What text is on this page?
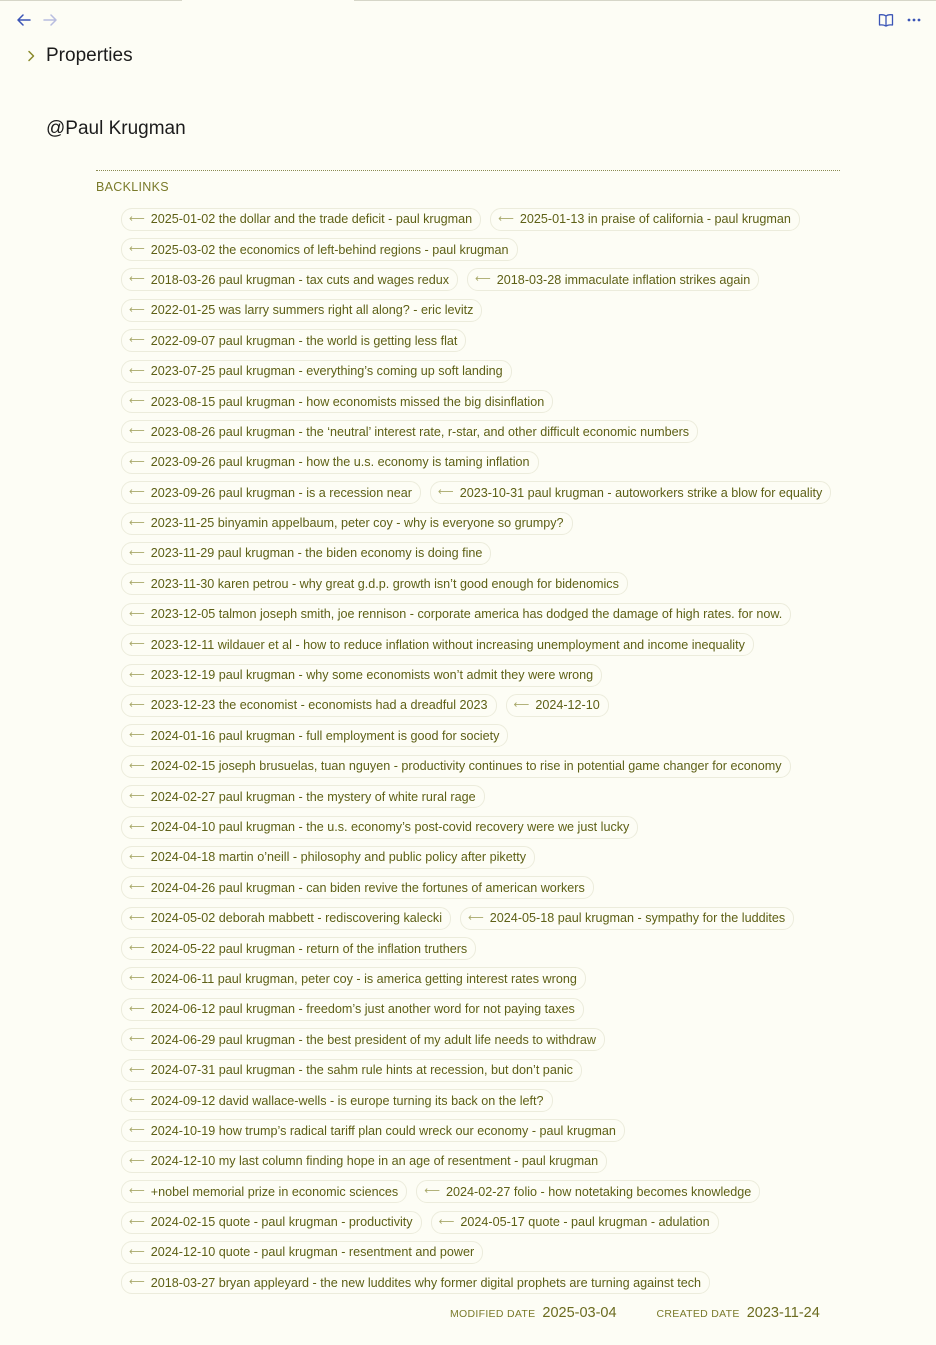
Properties
@Paul Krugman
BACKLINKS
⟵ 2025-01-02 the dollar and the trade deficit - paul krugman ⟵ 2025-01-13 in praise of california - paul krugman
⟵ 2025-03-02 the economics of left-behind regions - paul krugman
⟵ 2018-03-26 paul krugman - tax cuts and wages redux ⟵ 2018-03-28 immaculate inflation strikes again
⟵ 2022-01-25 was larry summers right all along? - eric levitz
⟵ 2022-09-07 paul krugman - the world is getting less flat
⟵ 2023-07-25 paul krugman - everything’s coming up soft landing
⟵ 2023-08-15 paul krugman - how economists missed the big disinflation
⟵ 2023-08-26 paul krugman - the ‘neutral’ interest rate, r-star, and other difficult economic numbers
⟵ 2023-09-26 paul krugman - how the u.s. economy is taming inflation
⟵ 2023-09-26 paul krugman - is a recession near ⟵ 2023-10-31 paul krugman - autoworkers strike a blow for equality
⟵ 2023-11-25 binyamin appelbaum, peter coy - why is everyone so grumpy?
⟵ 2023-11-29 paul krugman - the biden economy is doing fine
⟵ 2023-11-30 karen petrou - why great g.d.p. growth isn’t good enough for bidenomics
⟵ 2023-12-05 talmon joseph smith, joe rennison - corporate america has dodged the damage of high rates. for now.
⟵ 2023-12-11 wildauer et al - how to reduce inflation without increasing unemployment and income inequality
⟵ 2023-12-19 paul krugman - why some economists won’t admit they were wrong
⟵ 2023-12-23 the economist - economists had a dreadful 2023 ⟵ 2024-12-10
⟵ 2024-01-16 paul krugman - full employment is good for society
⟵ 2024-02-15 joseph brusuelas, tuan nguyen - productivity continues to rise in potential game changer for economy
⟵ 2024-02-27 paul krugman - the mystery of white rural rage
⟵ 2024-04-10 paul krugman - the u.s. economy’s post-covid recovery were we just lucky
⟵ 2024-04-18 martin o’neill - philosophy and public policy after piketty
⟵ 2024-04-26 paul krugman - can biden revive the fortunes of american workers
⟵ 2024-05-02 deborah mabbett - rediscovering kalecki ⟵ 2024-05-18 paul krugman - sympathy for the luddites
⟵ 2024-05-22 paul krugman - return of the inflation truthers
⟵ 2024-06-11 paul krugman, peter coy - is america getting interest rates wrong
⟵ 2024-06-12 paul krugman - freedom’s just another word for not paying taxes
⟵ 2024-06-29 paul krugman - the best president of my adult life needs to withdraw
⟵ 2024-07-31 paul krugman - the sahm rule hints at recession, but don’t panic
⟵ 2024-09-12 david wallace-wells - is europe turning its back on the left?
⟵ 2024-10-19 how trump’s radical tariff plan could wreck our economy - paul krugman
⟵ 2024-12-10 my last column finding hope in an age of resentment - paul krugman
⟵ +nobel memorial prize in economic sciences ⟵ 2024-02-27 folio - how notetaking becomes knowledge
⟵ 2024-02-15 quote - paul krugman - productivity ⟵ 2024-05-17 quote - paul krugman - adulation
⟵ 2024-12-10 quote - paul krugman - resentment and power
⟵ 2018-03-27 bryan appleyard - the new luddites why former digital prophets are turning against tech
MODIFIED DATE 2025-03-04	CREATED DATE 2023-11-24
